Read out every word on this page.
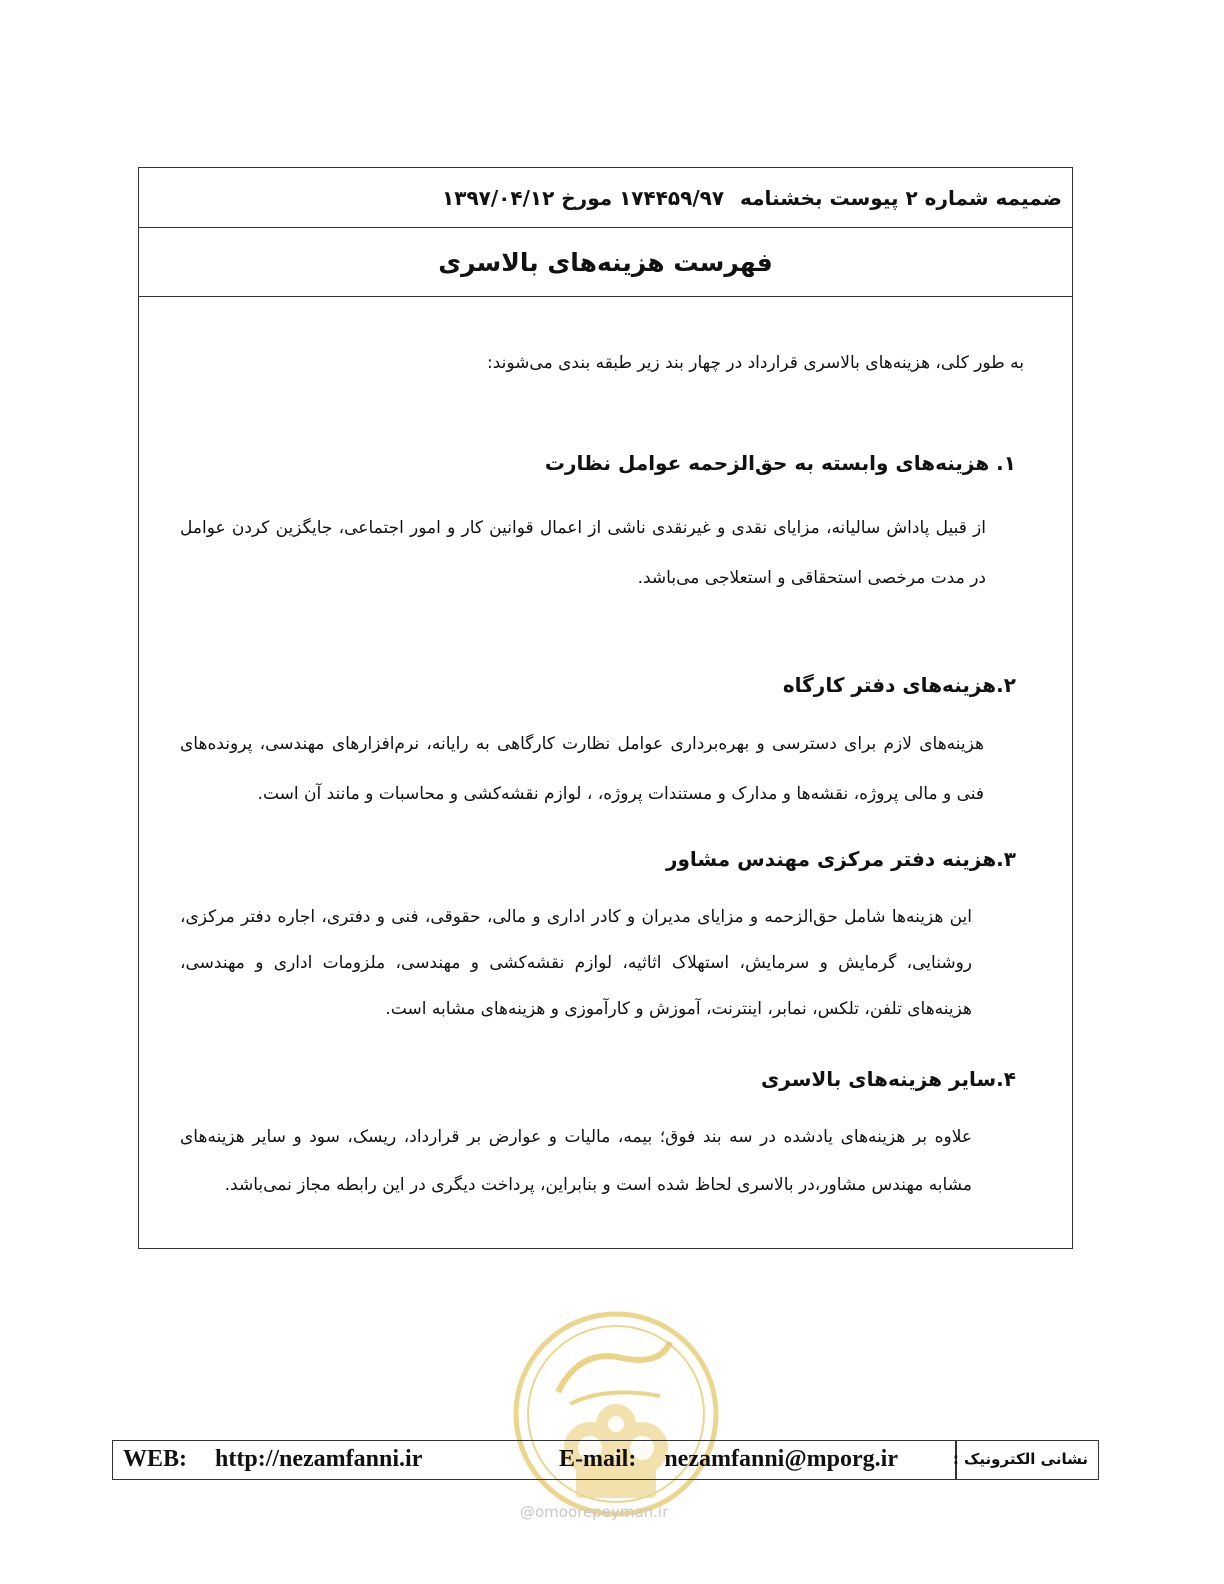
ضمیمه شماره ۲ پیوست بخشنامه
۱۷۴۴۵۹/۹۷ مورخ ۱۳۹۷/۰۴/۱۲
فهرست هزینه‌های بالاسری
به طور کلی، هزینه‌های بالاسری قرارداد در چهار بند زیر طبقه بندی می‌شوند:
۱. هزینه‌های وابسته به حق‌الزحمه عوامل نظارت
از قبیل پاداش سالیانه، مزایای نقدی و غیرنقدی ناشی از اعمال قوانین کار و امور اجتماعی، جایگزین کردن عوامل
در مدت مرخصی استحقاقی و استعلاجی می‌باشد.
۲.هزینه‌های دفتر کارگاه
هزینه‌های لازم برای دسترسی و بهره‌برداری عوامل نظارت کارگاهی به رایانه، نرم‌افزارهای مهندسی، پرونده‌های
فنی و مالی پروژه، نقشه‌ها و مدارک و مستندات پروژه، ، لوازم نقشه‌کشی و محاسبات و مانند آن است.
۳.هزینه دفتر مرکزی مهندس مشاور
این هزینه‌ها شامل حق‌الزحمه و مزایای مدیران و کادر اداری و مالی، حقوقی، فنی و دفتری، اجاره دفتر مرکزی،
روشنایی، گرمایش و سرمایش، استهلاک اثاثیه، لوازم نقشه‌کشی و مهندسی، ملزومات اداری و مهندسی،
هزینه‌های تلفن، تلکس، نمابر، اینترنت، آموزش و کارآموزی و هزینه‌های مشابه است.
۴.سایر هزینه‌های بالاسری
علاوه بر هزینه‌های یادشده در سه بند فوق؛ بیمه، مالیات و عوارض بر قرارداد، ریسک، سود و سایر هزینه‌های
مشابه مهندس مشاور،در بالاسری لحاظ شده است و بنابراین، پرداخت دیگری در این رابطه مجاز نمی‌باشد.
WEB: http://nezamfanni.ir	E-mail: nezamfanni@mporg.ir	نشانی الکترونیک :
@omoorepeyman.ir
